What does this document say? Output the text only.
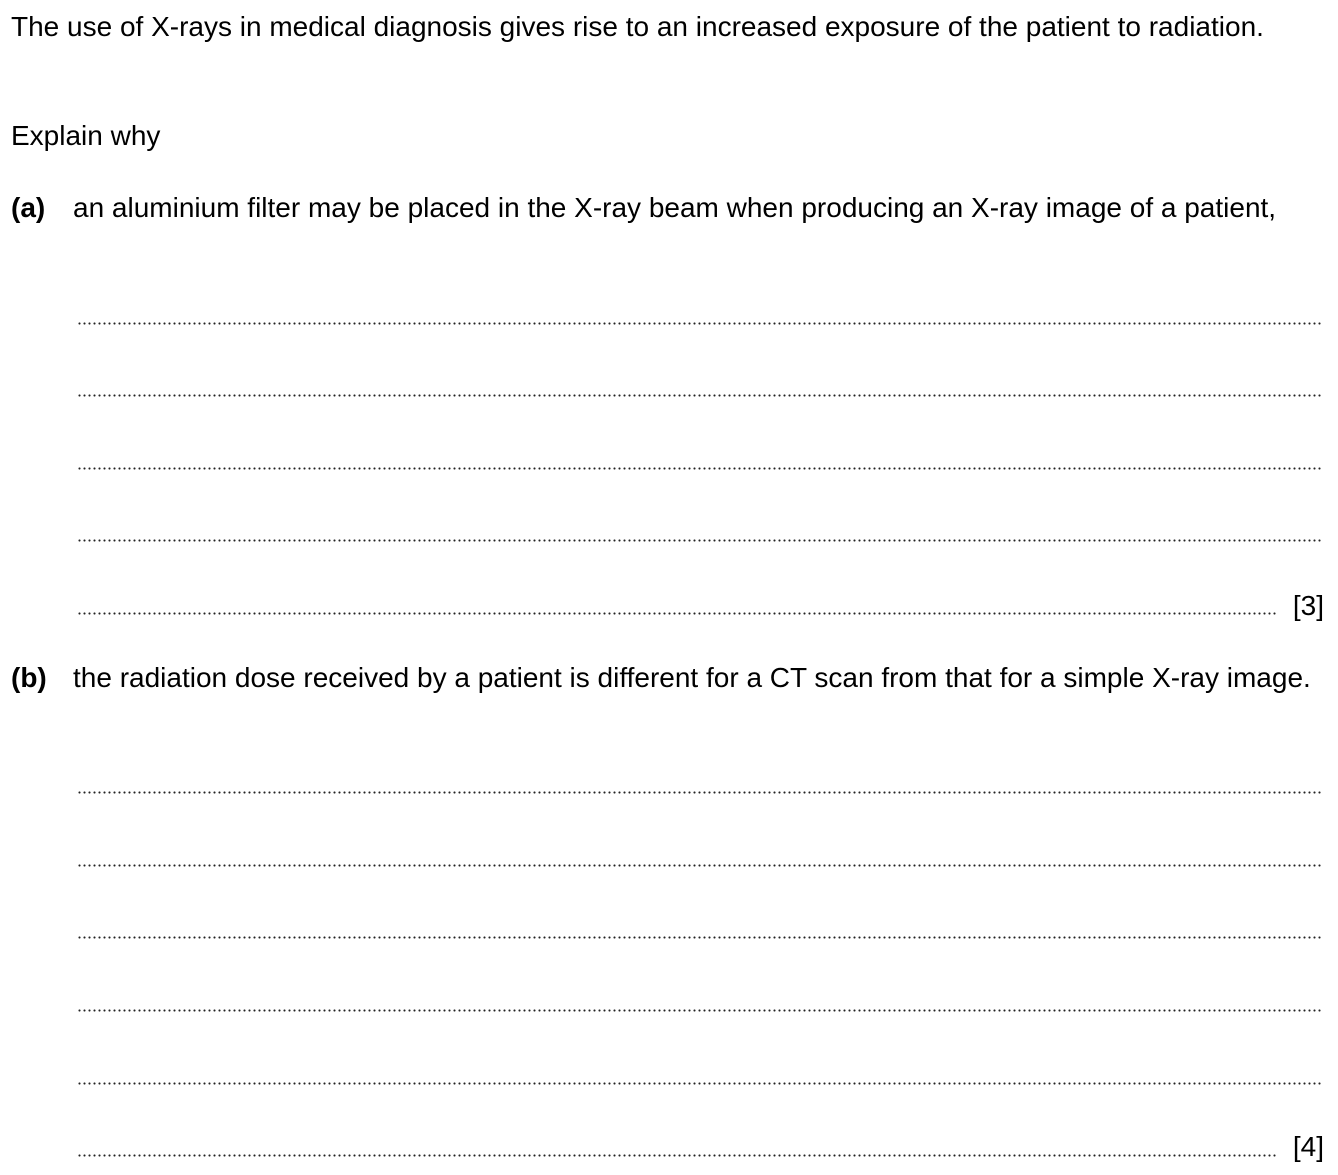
The use of X-rays in medical diagnosis gives rise to an increased exposure of the patient to radiation.

Explain why

(a) an aluminium filter may be placed in the X-ray beam when producing an X-ray image of a patient,

[3]
(b) the radiation dose received by a patient is different for a CT scan from that for a simple X-ray image.

[4]
